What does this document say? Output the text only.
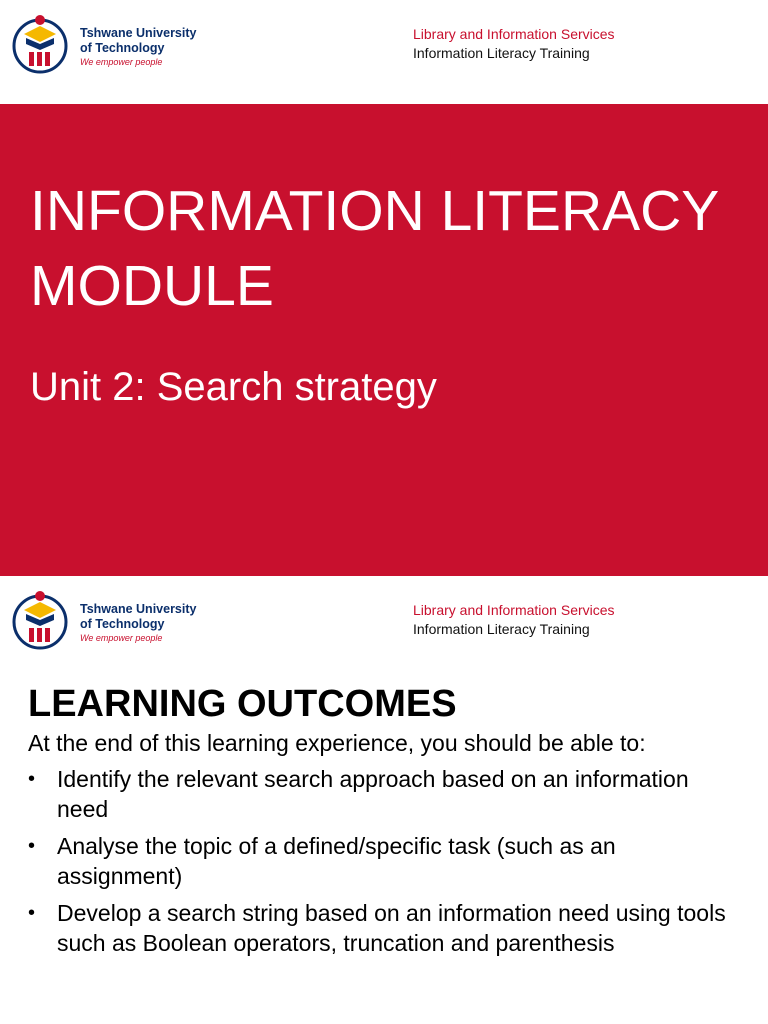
Tshwane University
of Technology
We empower people
Library and Information Services
Information Literacy Training
INFORMATION LITERACY MODULE
Unit 2: Search strategy
Tshwane University
of Technology
We empower people
Library and Information Services
Information Literacy Training
LEARNING OUTCOMES

At the end of this learning experience, you should be able to:

• Identify the relevant search approach based on an information need
• Analyse the topic of a defined/specific task (such as an assignment)
• Develop a search string based on an information need using tools such as Boolean operators, truncation and parenthesis
